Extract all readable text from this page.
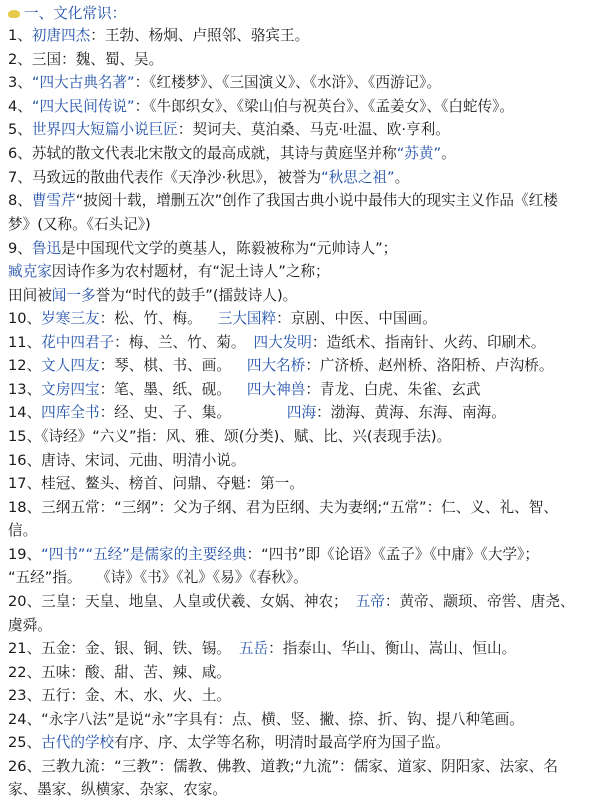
一、文化常识：
1、初唐四杰：王勃、杨炯、卢照邻、骆宾王。
2、三国：魏、蜀、吴。
3、“四大古典名著”：《红楼梦》、《三国演义》、《水浒》、《西游记》。
4、“四大民间传说”：《牛郎织女》、《梁山伯与祝英台》、《孟姜女》、《白蛇传》。
5、世界四大短篇小说巨匠：契诃夫、莫泊桑、马克·吐温、欧·亨利。
6、苏轼的散文代表北宋散文的最高成就，其诗与黄庭坚并称“苏黄”。
7、马致远的散曲代表作《天净沙·秋思》，被誉为“秋思之祖”。
8、曹雪芹“披阅十载，增删五次”创作了我国古典小说中最伟大的现实主义作品《红楼
梦》(又称。《石头记》)
9、鲁迅是中国现代文学的奠基人，陈毅被称为“元帅诗人”；
臧克家因诗作多为农村题材，有“泥土诗人”之称；
田间被闻一多誉为“时代的鼓手”(擂鼓诗人)。
10、岁寒三友：松、竹、梅。 三大国粹：京剧、中医、中国画。
11、花中四君子：梅、兰、竹、菊。 四大发明：造纸术、指南针、火药、印刷术。
12、文人四友：琴、棋、书、画。 四大名桥：广济桥、赵州桥、洛阳桥、卢沟桥。
13、文房四宝：笔、墨、纸、砚。 四大神兽：青龙、白虎、朱雀、玄武
14、四库全书：经、史、子、集。	四海：渤海、黄海、东海、南海。
15、《诗经》“六义”指：风、雅、颂(分类)、赋、比、兴(表现手法)。
16、唐诗、宋词、元曲、明清小说。
17、桂冠、鳌头、榜首、问鼎、夺魁：第一。
18、三纲五常：“三纲”：父为子纲、君为臣纲、夫为妻纲;“五常”：仁、义、礼、智、
信。
19、“四书”“五经”是儒家的主要经典：“四书”即《论语》《孟子》《中庸》《大学》；
“五经”指。　　《诗》《书》《礼》《易》《春秋》。
20、三皇：天皇、地皇、人皇或伏羲、女娲、神农； 五帝：黄帝、颛顼、帝喾、唐尧、
虞舜。
21、五金：金、银、铜、铁、锡。 五岳：指泰山、华山、衡山、嵩山、恒山。
22、五味：酸、甜、苦、辣、咸。
23、五行：金、木、水、火、土。
24、“永字八法”是说“永”字具有：点、横、竖、撇、捺、折、钩、提八种笔画。
25、古代的学校有序、序、太学等名称，明清时最高学府为国子监。
26、三教九流：“三教”：儒教、佛教、道教;“九流”：儒家、道家、阴阳家、法家、名
家、墨家、纵横家、杂家、农家。
